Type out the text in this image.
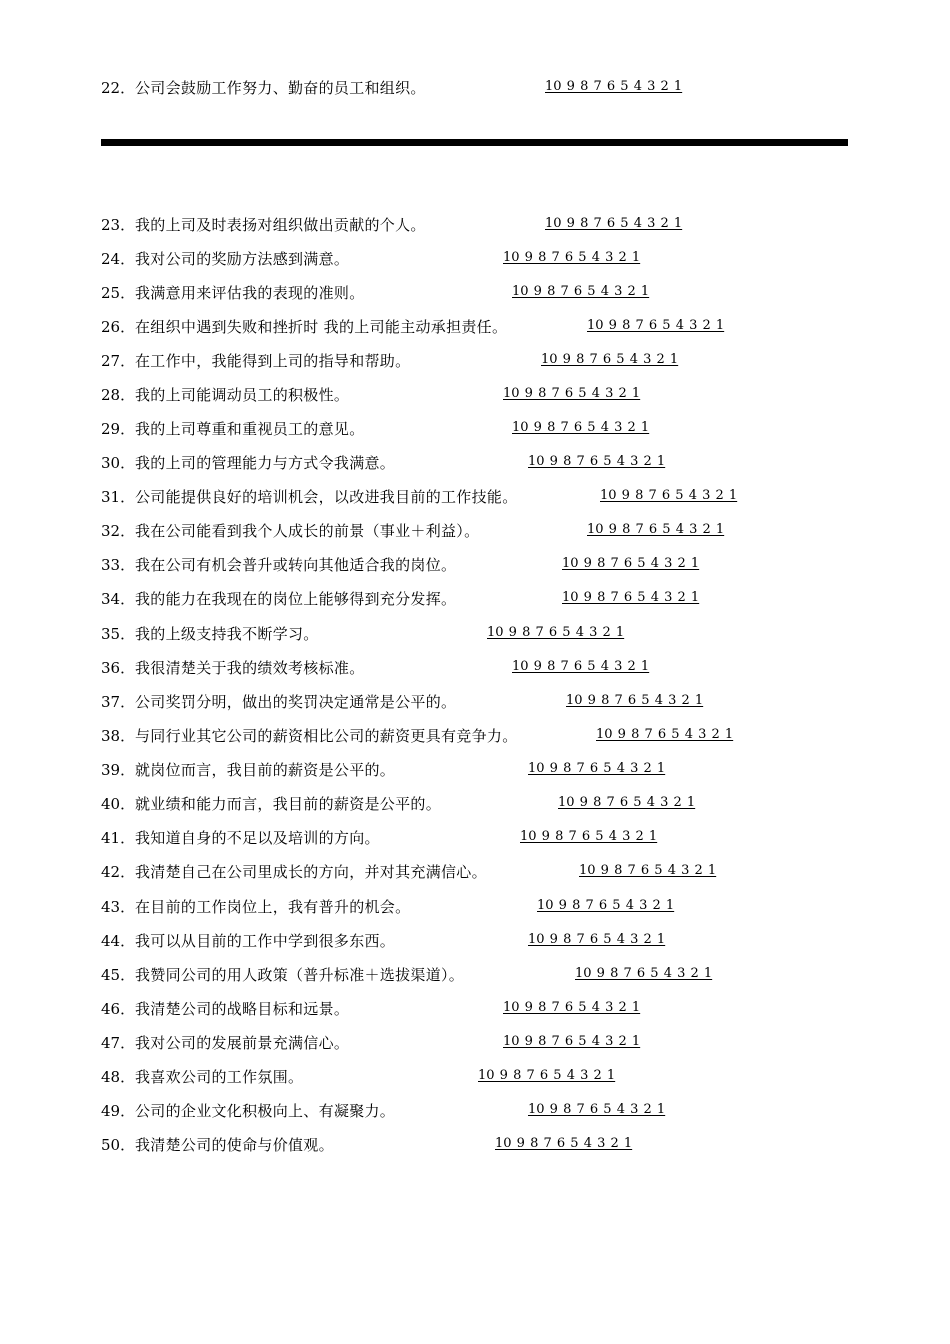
22． 公司会鼓励工作努力、勤奋的员工和组织。	10 9 8 7 6 5 4 3 2 1
23． 我的上司及时表扬对组织做出贡献的个人。	10 9 8 7 6 5 4 3 2 1
24． 我对公司的奖励方法感到满意。	10 9 8 7 6 5 4 3 2 1
25． 我满意用来评估我的表现的准则。	10 9 8 7 6 5 4 3 2 1
26． 在组织中遇到失败和挫折时 我的上司能主动承担责任。	10 9 8 7 6 5 4 3 2 1
27． 在工作中，我能得到上司的指导和帮助。	10 9 8 7 6 5 4 3 2 1
28． 我的上司能调动员工的积极性。	10 9 8 7 6 5 4 3 2 1
29． 我的上司尊重和重视员工的意见。	10 9 8 7 6 5 4 3 2 1
30． 我的上司的管理能力与方式令我满意。	10 9 8 7 6 5 4 3 2 1
31． 公司能提供良好的培训机会，以改进我目前的工作技能。	10 9 8 7 6 5 4 3 2 1
32． 我在公司能看到我个人成长的前景（事业＋利益）。	10 9 8 7 6 5 4 3 2 1
33． 我在公司有机会普升或转向其他适合我的岗位。	10 9 8 7 6 5 4 3 2 1
34． 我的能力在我现在的岗位上能够得到充分发挥。	10 9 8 7 6 5 4 3 2 1
35． 我的上级支持我不断学习。	10 9 8 7 6 5 4 3 2 1
36． 我很清楚关于我的绩效考核标准。	10 9 8 7 6 5 4 3 2 1
37． 公司奖罚分明，做出的奖罚决定通常是公平的。	10 9 8 7 6 5 4 3 2 1
38． 与同行业其它公司的薪资相比公司的薪资更具有竞争力。	10 9 8 7 6 5 4 3 2 1
39． 就岗位而言，我目前的薪资是公平的。	10 9 8 7 6 5 4 3 2 1
40． 就业绩和能力而言，我目前的薪资是公平的。	10 9 8 7 6 5 4 3 2 1
41． 我知道自身的不足以及培训的方向。	10 9 8 7 6 5 4 3 2 1
42． 我清楚自己在公司里成长的方向，并对其充满信心。	10 9 8 7 6 5 4 3 2 1
43． 在目前的工作岗位上，我有普升的机会。	10 9 8 7 6 5 4 3 2 1
44． 我可以从目前的工作中学到很多东西。	10 9 8 7 6 5 4 3 2 1
45． 我赞同公司的用人政策（普升标准＋选拔渠道）。	10 9 8 7 6 5 4 3 2 1
46． 我清楚公司的战略目标和远景。	10 9 8 7 6 5 4 3 2 1
47． 我对公司的发展前景充满信心。	10 9 8 7 6 5 4 3 2 1
48． 我喜欢公司的工作氛围。	10 9 8 7 6 5 4 3 2 1
49． 公司的企业文化积极向上、有凝聚力。	10 9 8 7 6 5 4 3 2 1
50． 我清楚公司的使命与价值观。	10 9 8 7 6 5 4 3 2 1
